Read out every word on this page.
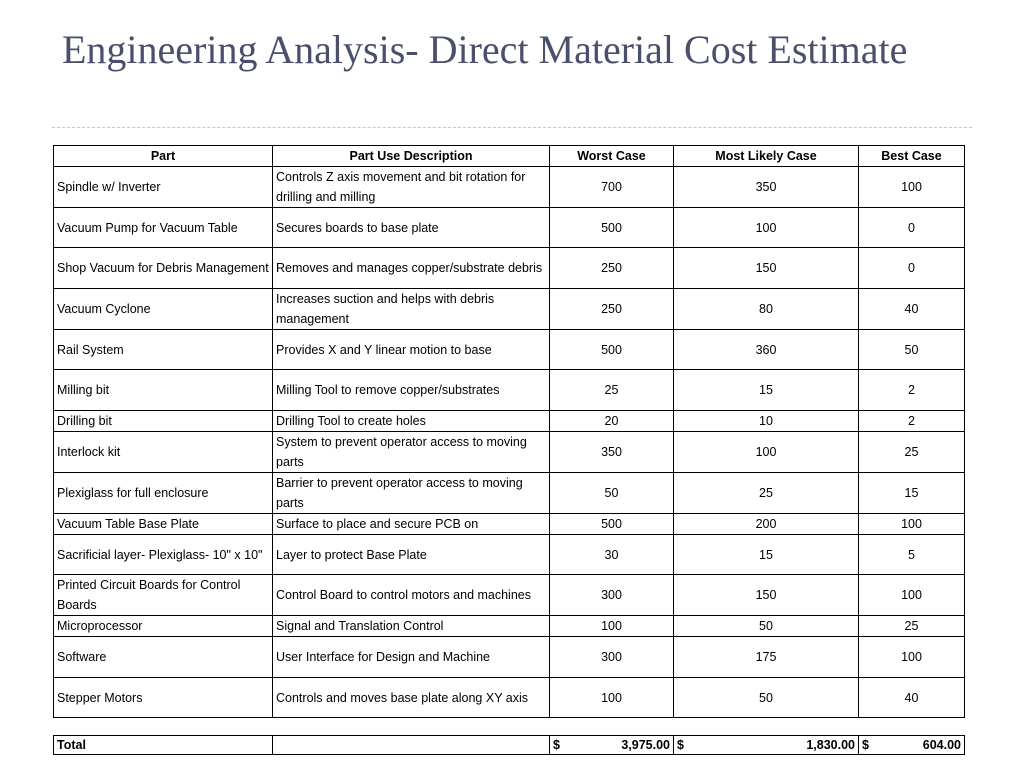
Engineering Analysis- Direct Material Cost Estimate
Part	Part Use Description	Worst Case	Most Likely Case	Best Case
Spindle w/ Inverter	Controls Z axis movement and bit rotation for drilling and milling	700	350	100
Vacuum Pump for Vacuum Table	Secures boards to base plate	500	100	0
Shop Vacuum for Debris Management	Removes and manages copper/substrate debris	250	150	0
Vacuum Cyclone	Increases suction and helps with debris management	250	80	40
Rail System	Provides X and Y linear motion to base	500	360	50
Milling bit	Milling Tool to remove copper/substrates	25	15	2
Drilling bit	Drilling Tool to create holes	20	10	2
Interlock kit	System to prevent operator access to moving parts	350	100	25
Plexiglass for full enclosure	Barrier to prevent operator access to moving parts	50	25	15
Vacuum Table Base Plate	Surface to place and secure PCB on	500	200	100
Sacrificial layer- Plexiglass- 10" x 10"	Layer to protect Base Plate	30	15	5
Printed Circuit Boards for Control Boards	Control Board to control motors and machines	300	150	100
Microprocessor	Signal and Translation Control	100	50	25
Software	User Interface for Design and Machine	300	175	100
Stepper Motors	Controls and moves base plate along XY axis	100	50	40
Total		$	3,975.00	$	1,830.00	$	604.00
